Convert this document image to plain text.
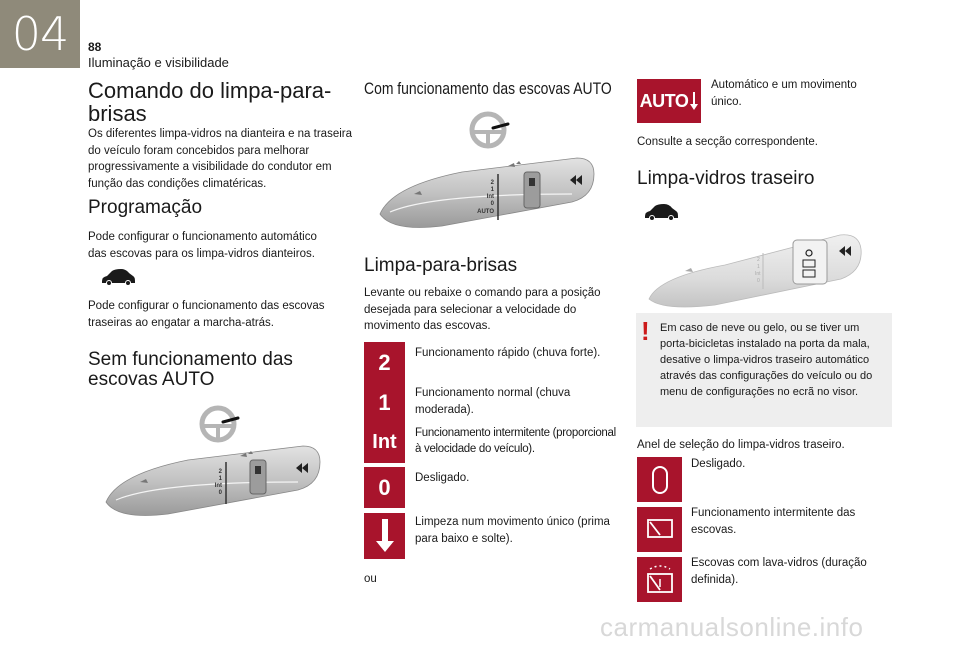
04	88
Iluminação e visibilidade
Comando do limpa-para-brisas
Os diferentes limpa-vidros na dianteira e na traseira do veículo foram concebidos para melhorar progressivamente a visibilidade do condutor em função das condições climatéricas.
Programação
Pode configurar o funcionamento automático das escovas para os limpa-vidros dianteiros.
Pode configurar o funcionamento das escovas traseiras ao engatar a marcha-atrás.
Sem funcionamento das escovas AUTO
2
1
Int
0
Com funcionamento das escovas AUTO
2
1
Int
0
AUTO
Limpa-para-brisas
Levante ou rebaixe o comando para a posição desejada para selecionar a velocidade do movimento das escovas.
2	Funcionamento rápido (chuva forte).
1	Funcionamento normal (chuva moderada).
Int	Funcionamento intermitente (proporcional à velocidade do veículo).
0	Desligado.
Limpeza num movimento único (prima para baixo e solte).
ou
AUTO
Automático e um movimento único.
Consulte a secção correspondente.
Limpa-vidros traseiro
2
1
Int
0
! Em caso de neve ou gelo, ou se tiver um porta-bicicletas instalado na porta da mala, desative o limpa-vidros traseiro automático através das configurações do veículo ou do menu de configurações no ecrã no visor.
Anel de seleção do limpa-vidros traseiro.
Desligado.
Funcionamento intermitente das escovas.
Escovas com lava-vidros (duração definida).
carmanualsonline.info
